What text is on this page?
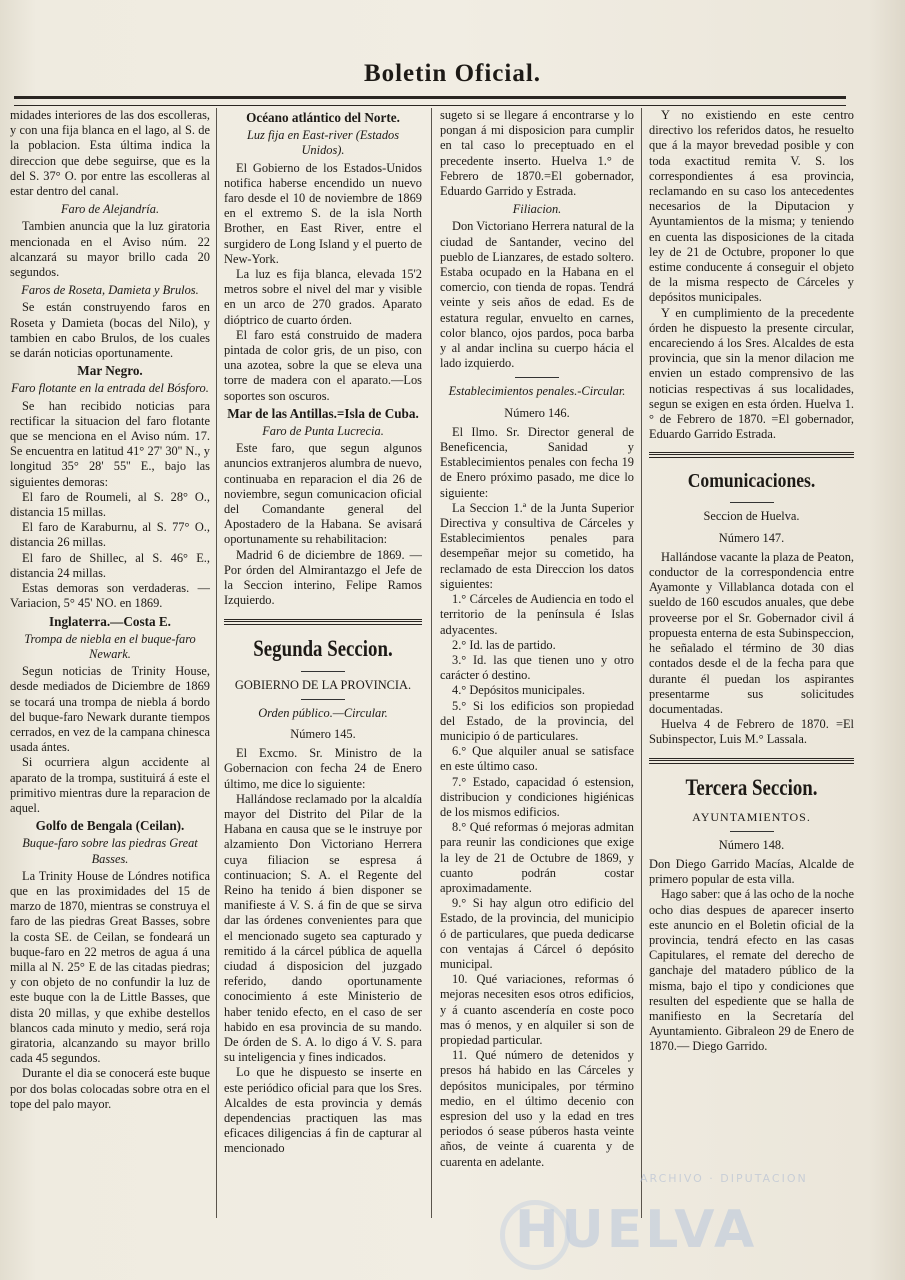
Boletin Oficial.

midades interiores de las dos escolleras, y con una fija blanca en el lago, al S. de la poblacion. Esta última indica la direccion que debe seguirse, que es la del S. 37° O. por entre las escolleras al estar dentro del canal.

Faro de Alejandría.

Tambien anuncia que la luz giratoria mencionada en el Aviso núm. 22 alcanzará su mayor brillo cada 20 segundos.

Faros de Roseta, Damieta y Brulos.

Se están construyendo faros en Roseta y Damieta (bocas del Nilo), y tambien en cabo Brulos, de los cuales se darán noticias oportunamente.

Mar Negro.
Faro flotante en la entrada del Bósforo.

Se han recibido noticias para rectificar la situacion del faro flotante que se menciona en el Aviso núm. 17. Se encuentra en latitud 41° 27' 30'' N., y longitud 35° 28' 55'' E., bajo las siguientes demoras:

El faro de Roumeli, al S. 28° O., distancia 15 millas.

El faro de Karaburnu, al S. 77° O., distancia 26 millas.

El faro de Shillec, al S. 46° E., distancia 24 millas.

Estas demoras son verdaderas. —Variacion, 5° 45' NO. en 1869.

Inglaterra.—Costa E.
Trompa de niebla en el buque-faro Newark.

Segun noticias de Trinity House, desde mediados de Diciembre de 1869 se tocará una trompa de niebla á bordo del buque-faro Newark durante tiempos cerrados, en vez de la campana chinesca usada ántes.

Si ocurriera algun accidente al aparato de la trompa, sustituirá á este el primitivo mientras dure la reparacion de aquel.

Golfo de Bengala (Ceilan).
Buque-faro sobre las piedras Great Basses.

La Trinity House de Lóndres notifica que en las proximidades del 15 de marzo de 1870, mientras se construya el faro de las piedras Great Basses, sobre la costa SE. de Ceilan, se fondeará un buque-faro en 22 metros de agua á una milla al N. 25° E de las citadas piedras; y con objeto de no confundir la luz de este buque con la de Little Basses, que dista 20 millas, y que exhibe destellos blancos cada minuto y medio, será roja giratoria, alcanzando su mayor brillo cada 45 segundos.

Durante el dia se conocerá este buque por dos bolas colocadas sobre otra en el tope del palo mayor.

Océano atlántico del Norte.
Luz fija en East-river (Estados Unidos).

El Gobierno de los Estados-Unidos notifica haberse encendido un nuevo faro desde el 10 de noviembre de 1869 en el extremo S. de la isla North Brother, en East River, entre el surgidero de Long Island y el puerto de New-York.

La luz es fija blanca, elevada 15'2 metros sobre el nivel del mar y visible en un arco de 270 grados. Aparato dióptrico de cuarto órden.

El faro está construido de madera pintada de color gris, de un piso, con una azotea, sobre la que se eleva una torre de madera con el aparato.—Los soportes son oscuros.

Mar de las Antillas.=Isla de Cuba.
Faro de Punta Lucrecia.

Este faro, que segun algunos anuncios extranjeros alumbra de nuevo, continuaba en reparacion el dia 26 de noviembre, segun comunicacion oficial del Comandante general del Apostadero de la Habana. Se avisará oportunamente su rehabilitacion:

Madrid 6 de diciembre de 1869. —Por órden del Almirantazgo el Jefe de la Seccion interino, Felipe Ramos Izquierdo.

Segunda Seccion.
GOBIERNO DE LA PROVINCIA.
Orden público.—Circular.
Número 145.

El Excmo. Sr. Ministro de la Gobernacion con fecha 24 de Enero último, me dice lo siguiente:

Hallándose reclamado por la alcaldía mayor del Distrito del Pilar de la Habana en causa que se le instruye por alzamiento Don Victoriano Herrera cuya filiacion se espresa á continuacion; S. A. el Regente del Reino ha tenido á bien disponer se manifieste á V. S. á fin de que se sirva dar las órdenes convenientes para que el mencionado sugeto sea capturado y remitido á la cárcel pública de aquella ciudad á disposicion del juzgado referido, dando oportunamente conocimiento á este Ministerio de haber tenido efecto, en el caso de ser habido en esa provincia de su mando. De órden de S. A. lo digo á V. S. para su inteligencia y fines indicados.

Lo que he dispuesto se inserte en este periódico oficial para que los Sres. Alcaldes de esta provincia y demás dependencias practiquen las mas eficaces diligencias á fin de capturar al mencionado

sugeto si se llegare á encontrarse y lo pongan á mi disposicion para cumplir en tal caso lo preceptuado en el precedente inserto. Huelva 1.° de Febrero de 1870.=El gobernador, Eduardo Garrido y Estrada.

Filiacion.

Don Victoriano Herrera natural de la ciudad de Santander, vecino del pueblo de Lianzares, de estado soltero. Estaba ocupado en la Habana en el comercio, con tienda de ropas. Tendrá veinte y seis años de edad. Es de estatura regular, envuelto en carnes, color blanco, ojos pardos, poca barba y al andar inclina su cuerpo hácia el lado izquierdo.

Establecimientos penales.-Circular.
Número 146.

El Ilmo. Sr. Director general de Beneficencia, Sanidad y Establecimientos penales con fecha 19 de Enero próximo pasado, me dice lo siguiente:

La Seccion 1.ª de la Junta Superior Directiva y consultiva de Cárceles y Establecimientos penales para desempeñar mejor su cometido, ha reclamado de esta Direccion los datos siguientes:

1.° Cárceles de Audiencia en todo el territorio de la península é Islas adyacentes.

2.° Id. las de partido.

3.° Id. las que tienen uno y otro carácter ó destino.

4.° Depósitos municipales.

5.° Si los edificios son propiedad del Estado, de la provincia, del municipio ó de particulares.

6.° Que alquiler anual se satisface en este último caso.

7.° Estado, capacidad ó estension, distribucion y condiciones higiénicas de los mismos edificios.

8.° Qué reformas ó mejoras admitan para reunir las condiciones que exige la ley de 21 de Octubre de 1869, y cuanto podrán costar aproximadamente.

9.° Si hay algun otro edificio del Estado, de la provincia, del municipio ó de particulares, que pueda dedicarse con ventajas á Cárcel ó depósito municipal.

10. Qué variaciones, reformas ó mejoras necesiten esos otros edificios, y á cuanto ascendería en coste poco mas ó menos, y en alquiler si son de propiedad particular.

11. Qué número de detenidos y presos há habido en las Cárceles y depósitos municipales, por término medio, en el último decenio con espresion del uso y la edad en tres periodos ó sease púberos hasta veinte años, de veinte á cuarenta y de cuarenta en adelante.

Y no existiendo en este centro directivo los referidos datos, he resuelto que á la mayor brevedad posible y con toda exactitud remita V. S. los correspondientes á esa provincia, reclamando en su caso los antecedentes necesarios de la Diputacion y Ayuntamientos de la misma; y teniendo en cuenta las disposiciones de la citada ley de 21 de Octubre, proponer lo que estime conducente á conseguir el objeto de la misma respecto de Cárceles y depósitos municipales.

Y en cumplimiento de la precedente órden he dispuesto la presente circular, encareciendo á los Sres. Alcaldes de esta provincia, que sin la menor dilacion me envien un estado comprensivo de las noticias respectivas á sus localidades, segun se exigen en esta órden. Huelva 1.° de Febrero de 1870. =El gobernador, Eduardo Garrido Estrada.

Comunicaciones.
Seccion de Huelva.
Número 147.

Hallándose vacante la plaza de Peaton, conductor de la correspondencia entre Ayamonte y Villablanca dotada con el sueldo de 160 escudos anuales, que debe proveerse por el Sr. Gobernador civil á propuesta enterna de esta Subinspeccion, he señalado el término de 30 dias contados desde el de la fecha para que durante él puedan los aspirantes presentarme sus solicitudes documentadas.

Huelva 4 de Febrero de 1870. =El Subinspector, Luis M.° Lassala.

Tercera Seccion.
AYUNTAMIENTOS.
Número 148.

Don Diego Garrido Macías, Alcalde de primero popular de esta villa.

Hago saber: que á las ocho de la noche ocho dias despues de aparecer inserto este anuncio en el Boletin oficial de la provincia, tendrá efecto en las casas Capitulares, el remate del derecho de ganchaje del matadero público de la misma, bajo el tipo y condiciones que resulten del espediente que se halla de manifiesto en la Secretaría del Ayuntamiento. Gibraleon 29 de Enero de 1870.— Diego Garrido.

ARCHIVO · DIPUTACION
HUELVA
